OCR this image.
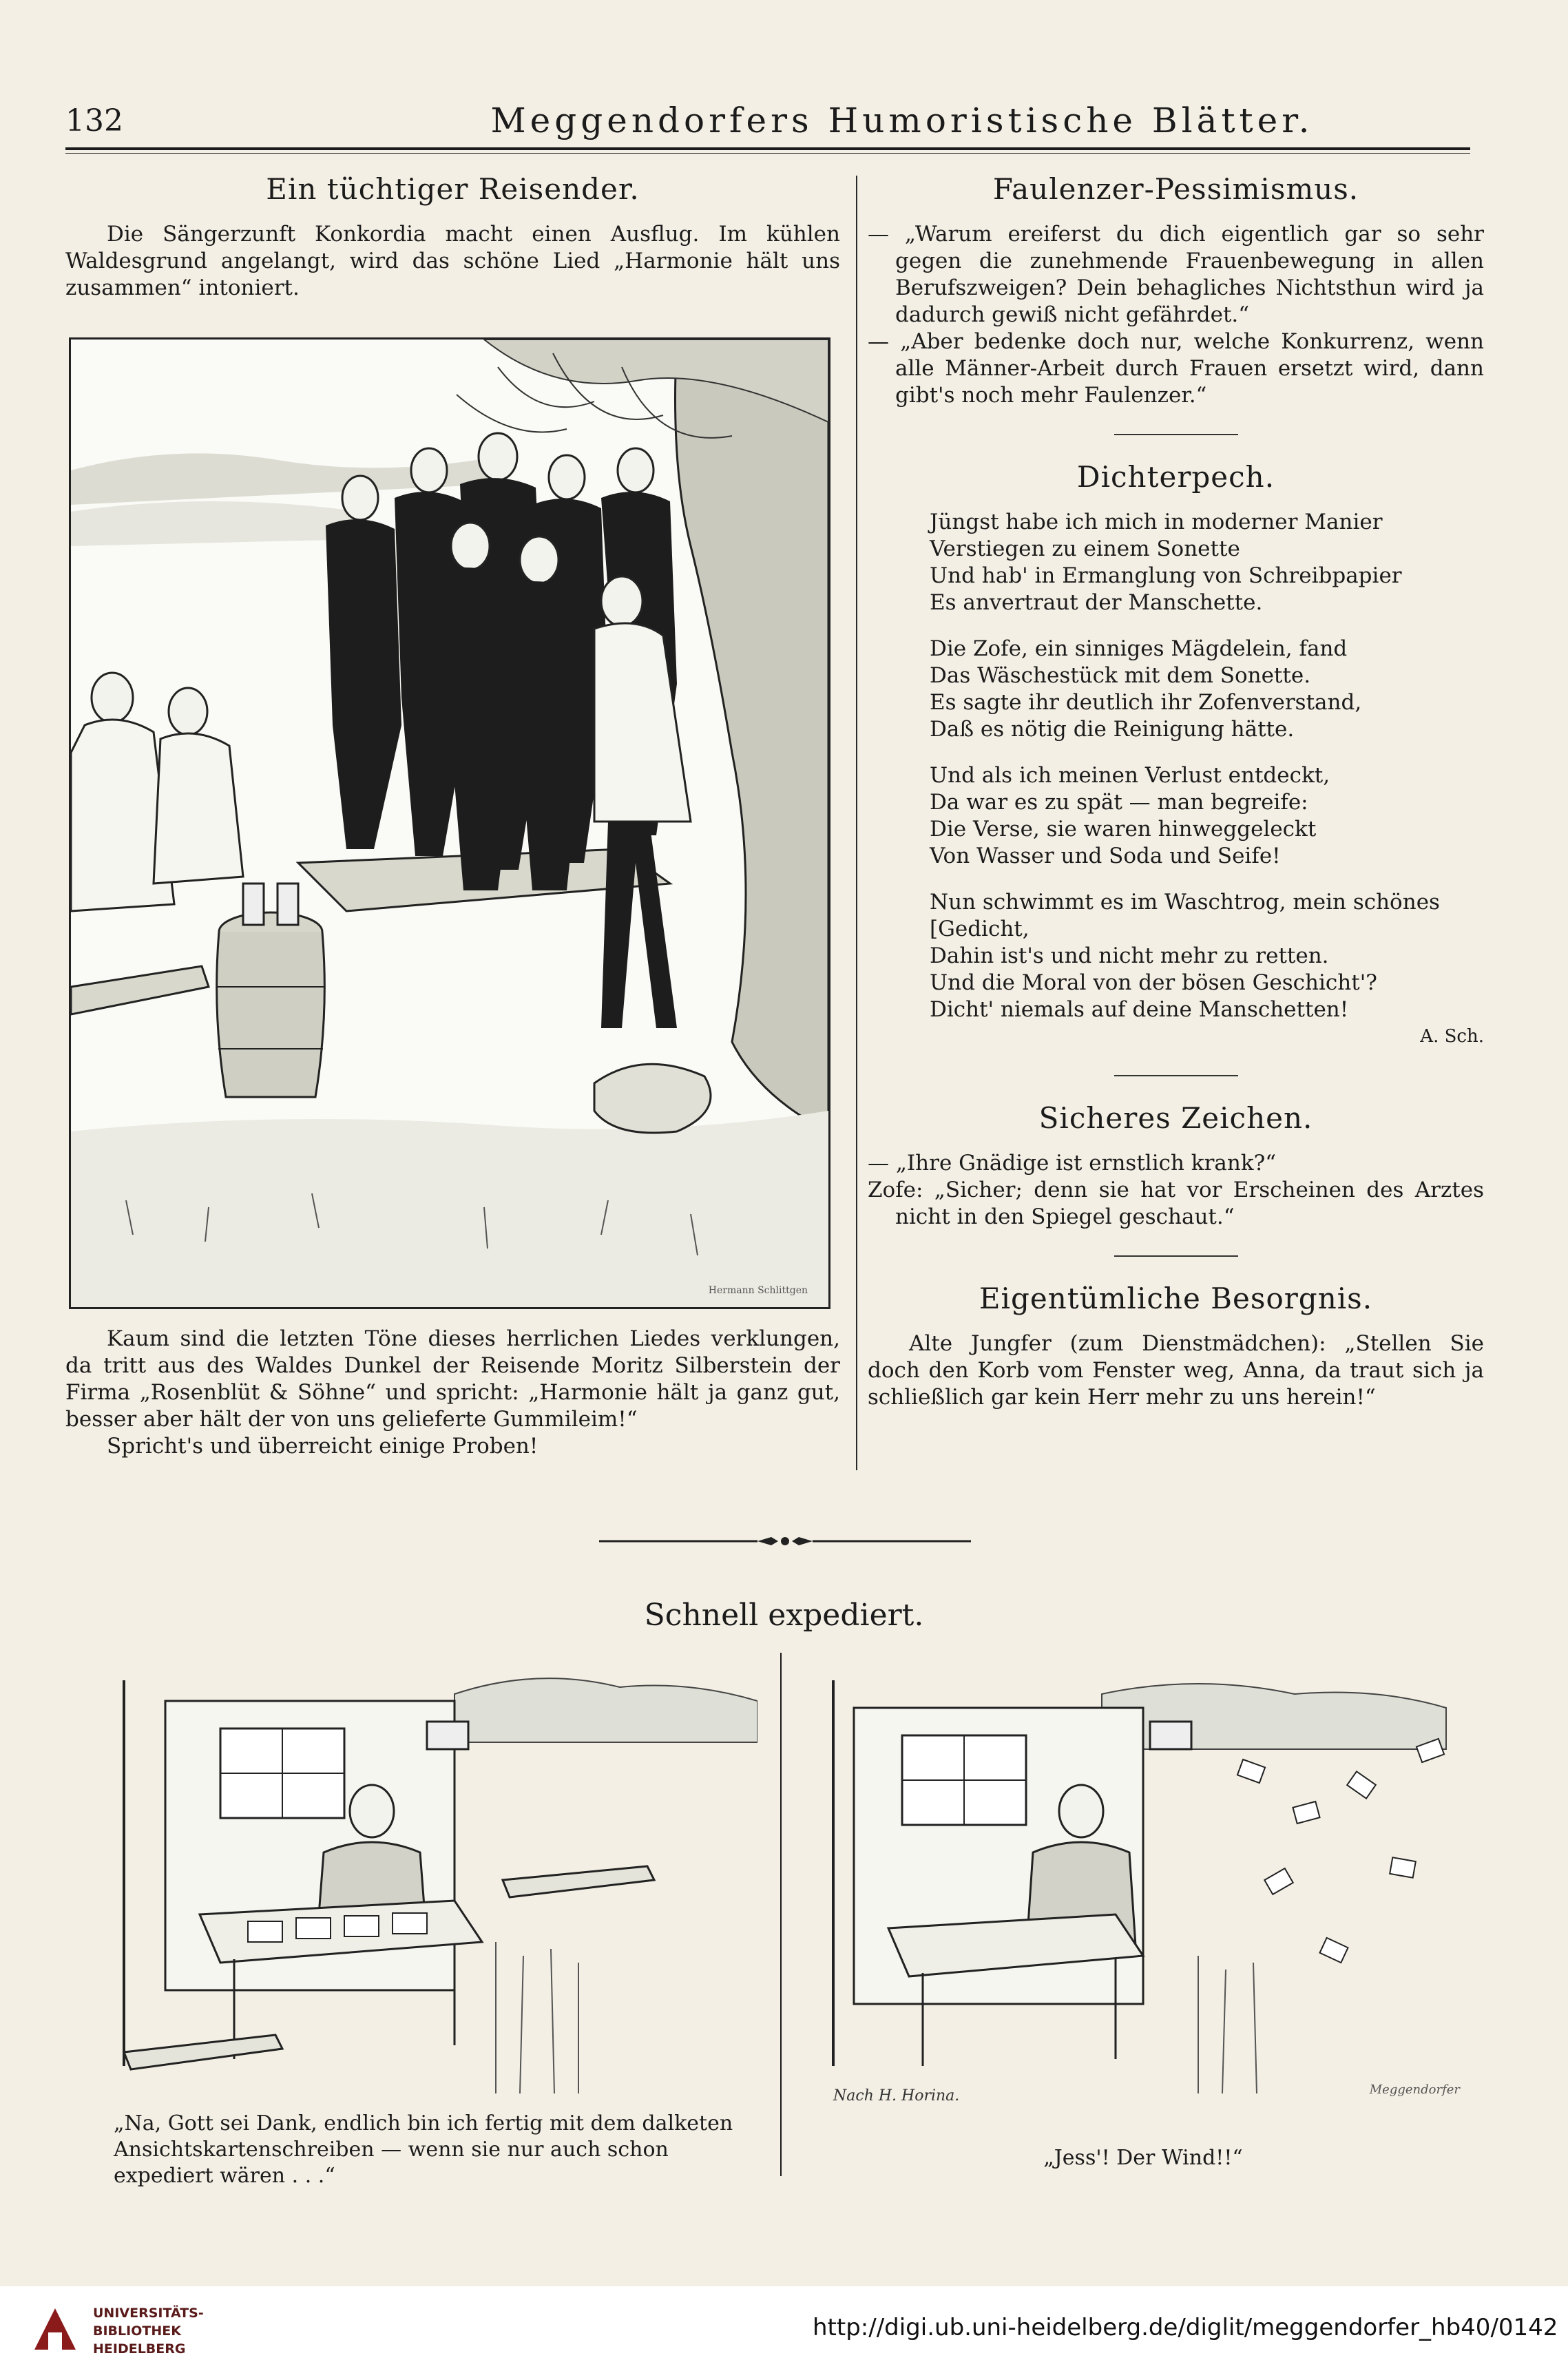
132	Meggendorfers Humoristische Blätter.
Ein tüchtiger Reisender.

Die Sängerzunft Konkordia macht einen Ausflug. Im kühlen Waldesgrund angelangt, wird das schöne Lied „Harmonie hält uns zusammen“ intoniert.

Hermann Schlittgen

Kaum sind die letzten Töne dieses herrlichen Liedes verklungen, da tritt aus des Waldes Dunkel der Reisende Moritz Silberstein der Firma „Rosenblüt & Söhne“ und spricht: „Harmonie hält ja ganz gut, besser aber hält der von uns gelieferte Gummileim!“

Spricht's und überreicht einige Proben!

Faulenzer-Pessimismus.

— „Warum ereiferst du dich eigentlich gar so sehr gegen die zunehmende Frauenbewegung in allen Berufszweigen? Dein behagliches Nichtsthun wird ja dadurch gewiß nicht gefährdet.“

— „Aber bedenke doch nur, welche Konkurrenz, wenn alle Männer-Arbeit durch Frauen ersetzt wird, dann gibt's noch mehr Faulenzer.“

Dichterpech.

Jüngst habe ich mich in moderner Manier

Verstiegen zu einem Sonette

Und hab' in Ermanglung von Schreibpapier

Es anvertraut der Manschette.

Die Zofe, ein sinniges Mägdelein, fand

Das Wäschestück mit dem Sonette.

Es sagte ihr deutlich ihr Zofenverstand,

Daß es nötig die Reinigung hätte.

Und als ich meinen Verlust entdeckt,

Da war es zu spät — man begreife:

Die Verse, sie waren hinweggeleckt

Von Wasser und Soda und Seife!

Nun schwimmt es im Waschtrog, mein schönes [Gedicht,

Dahin ist's und nicht mehr zu retten.

Und die Moral von der bösen Geschicht'?

Dicht' niemals auf deine Manschetten!

A. Sch.

Sicheres Zeichen.

— „Ihre Gnädige ist ernstlich krank?“

Zofe: „Sicher; denn sie hat vor Erscheinen des Arztes nicht in den Spiegel geschaut.“

Eigentümliche Besorgnis.

Alte Jungfer (zum Dienstmädchen): „Stellen Sie doch den Korb vom Fenster weg, Anna, da traut sich ja schließlich gar kein Herr mehr zu uns herein!“

Schnell expediert.
„Na, Gott sei Dank, endlich bin ich fertig mit dem dalketen Ansichtskartenschreiben — wenn sie nur auch schon expediert wären . . .“
Nach H. Horina.	Meggendorfer
„Jess'! Der Wind!!“
UNIVERSITÄTS-
BIBLIOTHEK
HEIDELBERG
http://digi.ub.uni-heidelberg.de/diglit/meggendorfer_hb40/0142
